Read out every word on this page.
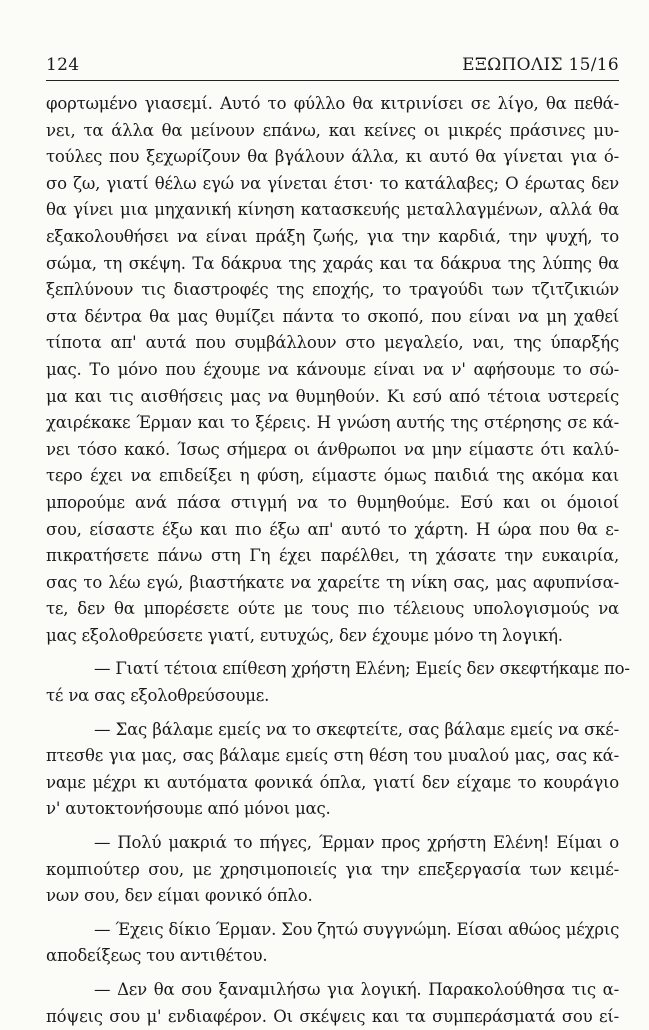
124	ΕΞΩΠΟΛΙΣ 15/16
φορτωμένο γιασεμί. Αυτό το φύλλο θα κιτρινίσει σε λίγο, θα πεθά-
νει, τα άλλα θα μείνουν επάνω, και κείνες οι μικρές πράσινες μυ-
τούλες που ξεχωρίζουν θα βγάλουν άλλα, κι αυτό θα γίνεται για ό-
σο ζω, γιατί θέλω εγώ να γίνεται έτσι· το κατάλαβες; Ο έρωτας δεν
θα γίνει μια μηχανική κίνηση κατασκευής μεταλλαγμένων, αλλά θα
εξακολουθήσει να είναι πράξη ζωής, για την καρδιά, την ψυχή, το
σώμα, τη σκέψη. Τα δάκρυα της χαράς και τα δάκρυα της λύπης θα
ξεπλύνουν τις διαστροφές της εποχής, το τραγούδι των τζιτζικιών
στα δέντρα θα μας θυμίζει πάντα το σκοπό, που είναι να μη χαθεί
τίποτα απ' αυτά που συμβάλλουν στο μεγαλείο, ναι, της ύπαρξής
μας. Το μόνο που έχουμε να κάνουμε είναι να ν' αφήσουμε το σώ-
μα και τις αισθήσεις μας να θυμηθούν. Κι εσύ από τέτοια υστερείς
χαιρέκακε Έρμαν και το ξέρεις. Η γνώση αυτής της στέρησης σε κά-
νει τόσο κακό. Ίσως σήμερα οι άνθρωποι να μην είμαστε ότι καλύ-
τερο έχει να επιδείξει η φύση, είμαστε όμως παιδιά της ακόμα και
μπορούμε ανά πάσα στιγμή να το θυμηθούμε. Εσύ και οι όμοιοί
σου, είσαστε έξω και πιο έξω απ' αυτό το χάρτη. Η ώρα που θα ε-
πικρατήσετε πάνω στη Γη έχει παρέλθει, τη χάσατε την ευκαιρία,
σας το λέω εγώ, βιαστήκατε να χαρείτε τη νίκη σας, μας αφυπνίσα-
τε, δεν θα μπορέσετε ούτε με τους πιο τέλειους υπολογισμούς να
μας εξολοθρεύσετε γιατί, ευτυχώς, δεν έχουμε μόνο τη λογική.
— Γιατί τέτοια επίθεση χρήστη Ελένη; Εμείς δεν σκεφτήκαμε πο-
τέ να σας εξολοθρεύσουμε.
— Σας βάλαμε εμείς να το σκεφτείτε, σας βάλαμε εμείς να σκέ-
πτεσθε για μας, σας βάλαμε εμείς στη θέση του μυαλού μας, σας κά-
ναμε μέχρι κι αυτόματα φονικά όπλα, γιατί δεν είχαμε το κουράγιο
ν' αυτοκτονήσουμε από μόνοι μας.
— Πολύ μακριά το πήγες, Έρμαν προς χρήστη Ελένη! Είμαι ο
κομπιούτερ σου, με χρησιμοποιείς για την επεξεργασία των κειμέ-
νων σου, δεν είμαι φονικό όπλο.
— Έχεις δίκιο Έρμαν. Σου ζητώ συγγνώμη. Είσαι αθώος μέχρις
αποδείξεως του αντιθέτου.
— Δεν θα σου ξαναμιλήσω για λογική. Παρακολούθησα τις α-
πόψεις σου μ' ενδιαφέρον. Οι σκέψεις και τα συμπεράσματά σου εί-
